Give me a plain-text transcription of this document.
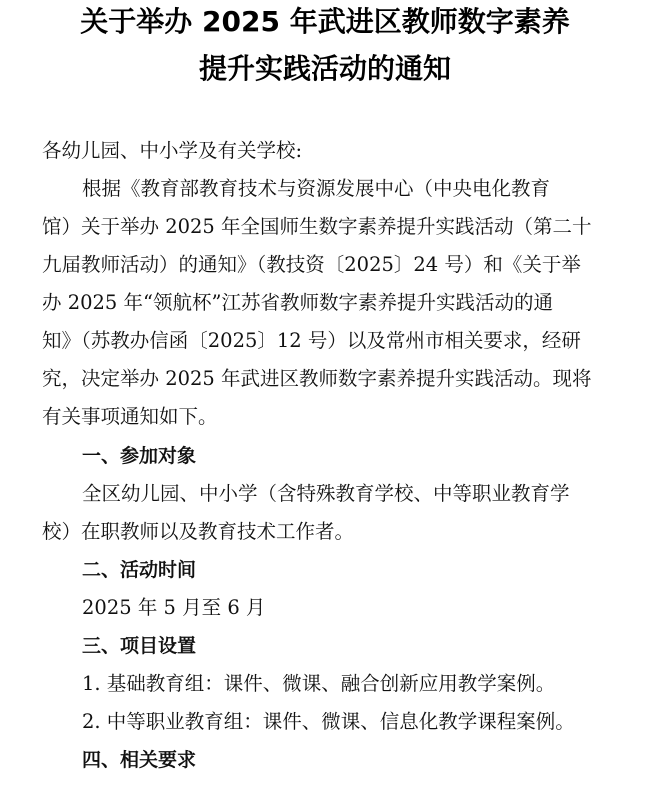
关于举办 2025 年武进区教师数字素养
提升实践活动的通知

各幼儿园、中小学及有关学校:

根据《教育部教育技术与资源发展中心（中央电化教育

馆）关于举办 2025 年全国师生数字素养提升实践活动（第二十

九届教师活动）的通知》（教技资〔2025〕24 号）和《关于举

办 2025 年“领航杯”江苏省教师数字素养提升实践活动的通

知》（苏教办信函〔2025〕12 号）以及常州市相关要求，经研

究，决定举办 2025 年武进区教师数字素养提升实践活动。现将

有关事项通知如下。

一、参加对象

全区幼儿园、中小学（含特殊教育学校、中等职业教育学

校）在职教师以及教育技术工作者。

二、活动时间

2025 年 5 月至 6 月

三、项目设置

1. 基础教育组：课件、微课、融合创新应用教学案例。

2. 中等职业教育组：课件、微课、信息化教学课程案例。

四、相关要求
